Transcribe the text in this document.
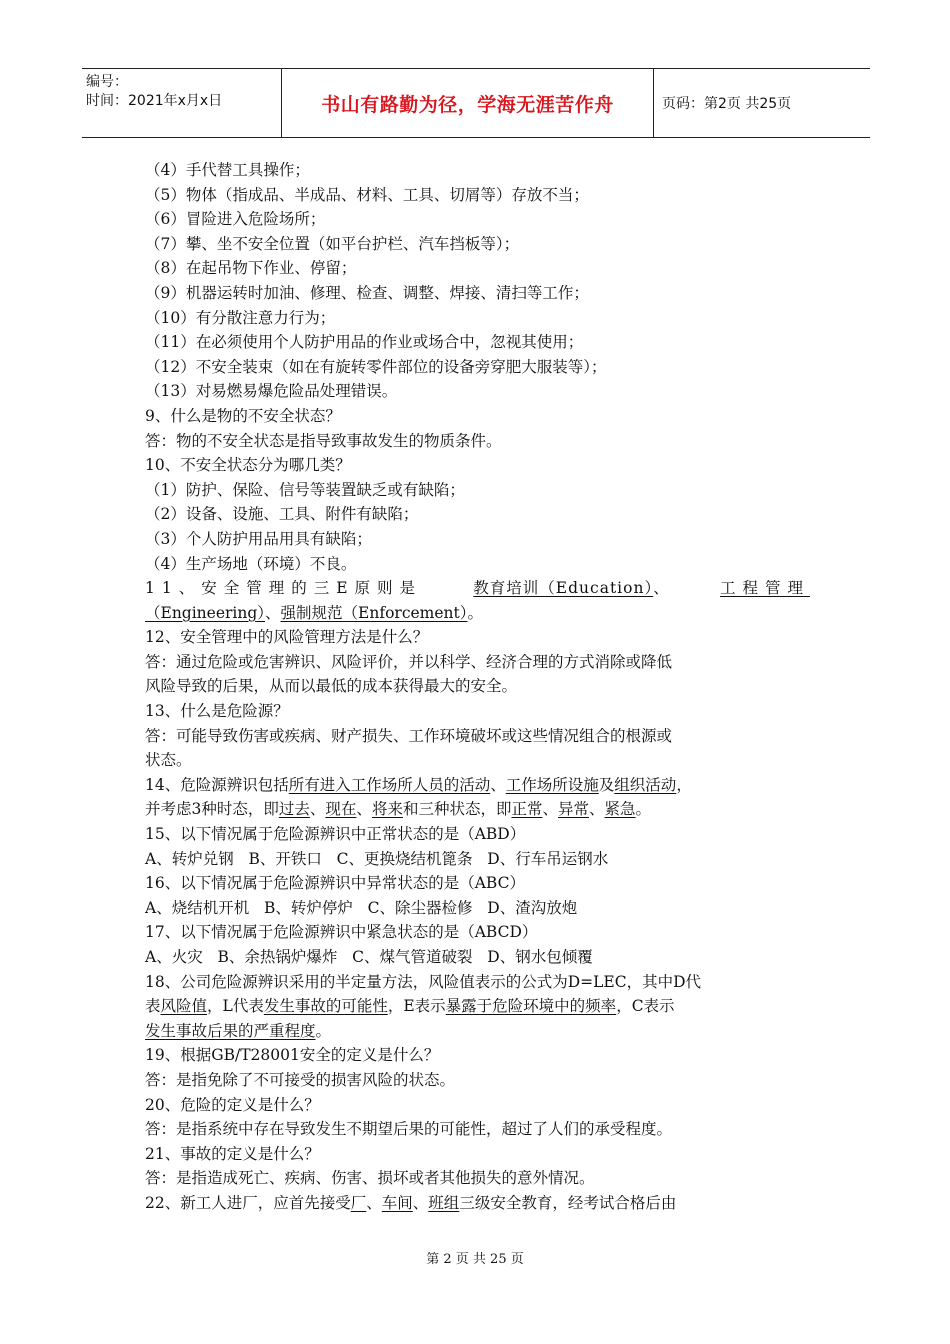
编号：
时间：2021年x月x日	书山有路勤为径，学海无涯苦作舟	页码：第2页 共25页
（4）手代替工具操作；
（5）物体（指成品、半成品、材料、工具、切屑等）存放不当；
（6）冒险进入危险场所；
（7）攀、坐不安全位置（如平台护栏、汽车挡板等）；
（8）在起吊物下作业、停留；
（9）机器运转时加油、修理、检查、调整、焊接、清扫等工作；
（10）有分散注意力行为；
（11）在必须使用个人防护用品的作业或场合中，忽视其使用；
（12）不安全装束（如在有旋转零件部位的设备旁穿肥大服装等）；
（13）对易燃易爆危险品处理错误。
9、什么是物的不安全状态？
答：物的不安全状态是指导致事故发生的物质条件。
10、不安全状态分为哪几类？
（1）防护、保险、信号等装置缺乏或有缺陷；
（2）设备、设施、工具、附件有缺陷；
（3）个人防护用品用具有缺陷；
（4）生产场地（环境）不良。
11、安全管理的三E原则是	教育培训（Education）、	工程管理
（Engineering）、强制规范（Enforcement）。
12、安全管理中的风险管理方法是什么？
答：通过危险或危害辨识、风险评价，并以科学、经济合理的方式消除或降低
风险导致的后果，从而以最低的成本获得最大的安全。
13、什么是危险源？
答：可能导致伤害或疾病、财产损失、工作环境破坏或这些情况组合的根源或
状态。
14、危险源辨识包括所有进入工作场所人员的活动、工作场所设施及组织活动，
并考虑3种时态，即过去、现在、将来和三种状态，即正常、异常、紧急。
15、以下情况属于危险源辨识中正常状态的是（ABD）
A、转炉兑钢   B、开铁口   C、更换烧结机篦条   D、行车吊运钢水
16、以下情况属于危险源辨识中异常状态的是（ABC）
A、烧结机开机   B、转炉停炉   C、除尘器检修   D、渣沟放炮
17、以下情况属于危险源辨识中紧急状态的是（ABCD）
A、火灾   B、余热锅炉爆炸   C、煤气管道破裂   D、钢水包倾覆
18、公司危险源辨识采用的半定量方法，风险值表示的公式为D=LEC，其中D代
表风险值，L代表发生事故的可能性，E表示暴露于危险环境中的频率，C表示
发生事故后果的严重程度。
19、根据GB/T28001安全的定义是什么？
答：是指免除了不可接受的损害风险的状态。
20、危险的定义是什么？
答：是指系统中存在导致发生不期望后果的可能性，超过了人们的承受程度。
21、事故的定义是什么？
答：是指造成死亡、疾病、伤害、损坏或者其他损失的意外情况。
22、新工人进厂，应首先接受厂、车间、班组三级安全教育，经考试合格后由
第 2 页 共 25 页
